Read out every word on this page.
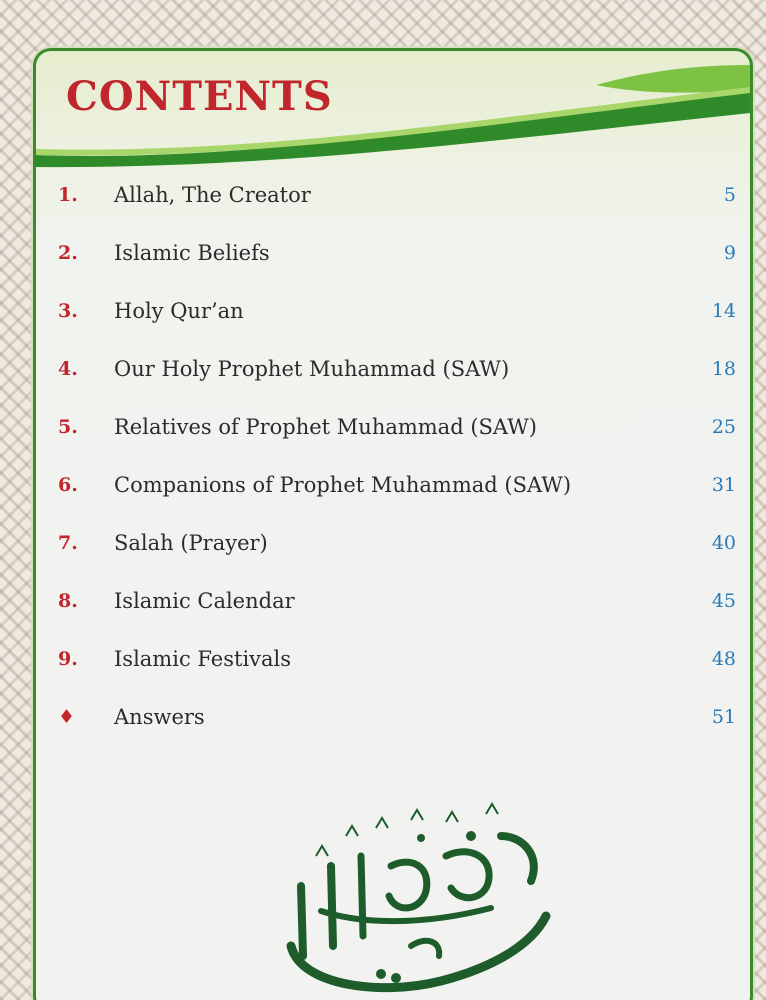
CONTENTS
1.	Allah, The Creator	5
2.	Islamic Beliefs	9
3.	Holy Qur’an	14
4.	Our Holy Prophet Muhammad (SAW)	18
5.	Relatives of Prophet Muhammad (SAW)	25
6.	Companions of Prophet Muhammad (SAW)	31
7.	Salah (Prayer)	40
8.	Islamic Calendar	45
9.	Islamic Festivals	48
♦	Answers	51
